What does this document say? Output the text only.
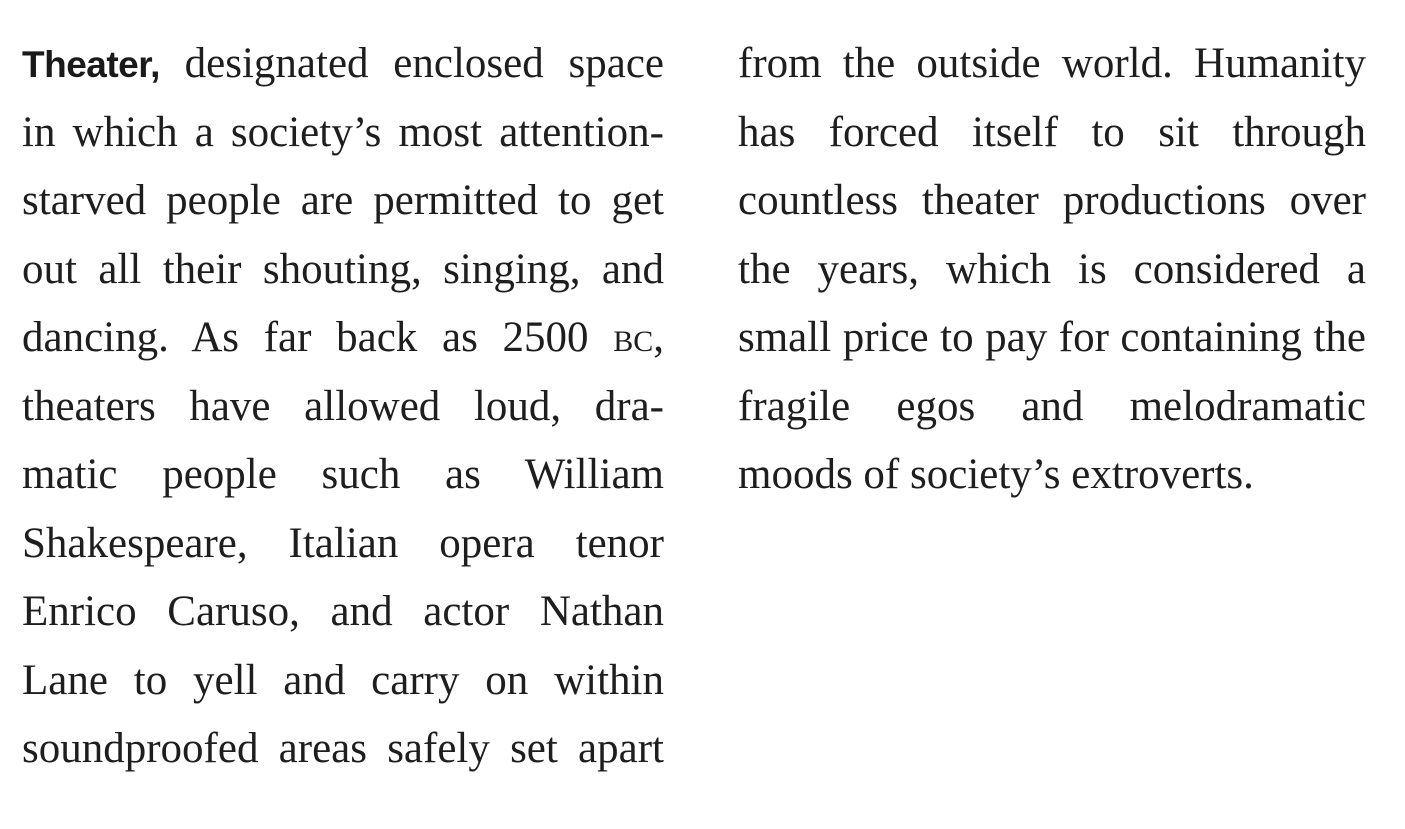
Theater, designated enclosed space
in which a society’s most attention-
starved people are permitted to get
out all their shouting, singing, and
dancing. As far back as 2500 bc,
theaters have allowed loud, dra-
matic people such as William
Shakespeare, Italian opera tenor
Enrico Caruso, and actor Nathan
Lane to yell and carry on within
soundproofed areas safely set apart
from the outside world. Humanity
has forced itself to sit through
countless theater productions over
the years, which is considered a
small price to pay for containing the
fragile egos and melodramatic
moods of society’s extroverts.
